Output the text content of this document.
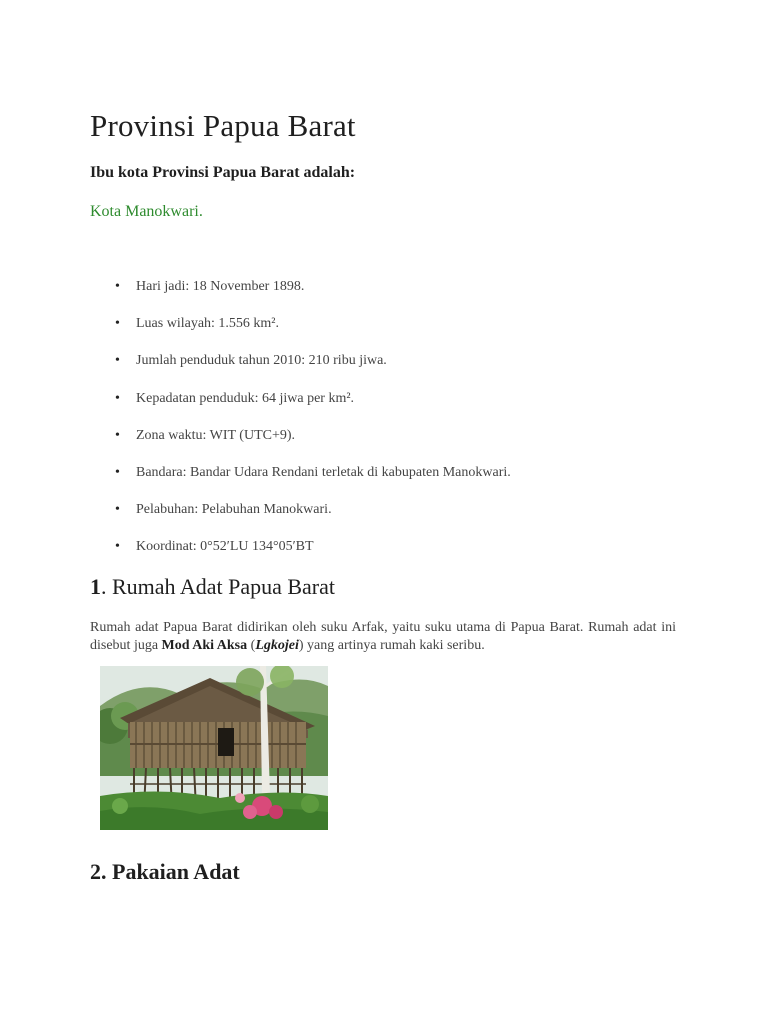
Provinsi Papua Barat

Ibu kota Provinsi Papua Barat adalah:

Kota Manokwari.

• Hari jadi: 18 November 1898.
• Luas wilayah: 1.556 km².
• Jumlah penduduk tahun 2010: 210 ribu jiwa.
• Kepadatan penduduk: 64 jiwa per km².
• Zona waktu: WIT (UTC+9).
• Bandara: Bandar Udara Rendani terletak di kabupaten Manokwari.
• Pelabuhan: Pelabuhan Manokwari.
• Koordinat: 0°52′LU 134°05′BT
1. Rumah Adat Papua Barat

Rumah adat Papua Barat didirikan oleh suku Arfak, yaitu suku utama di Papua Barat. Rumah adat ini disebut juga Mod Aki Aksa (Lgkojei) yang artinya rumah kaki seribu.

2. Pakaian Adat
